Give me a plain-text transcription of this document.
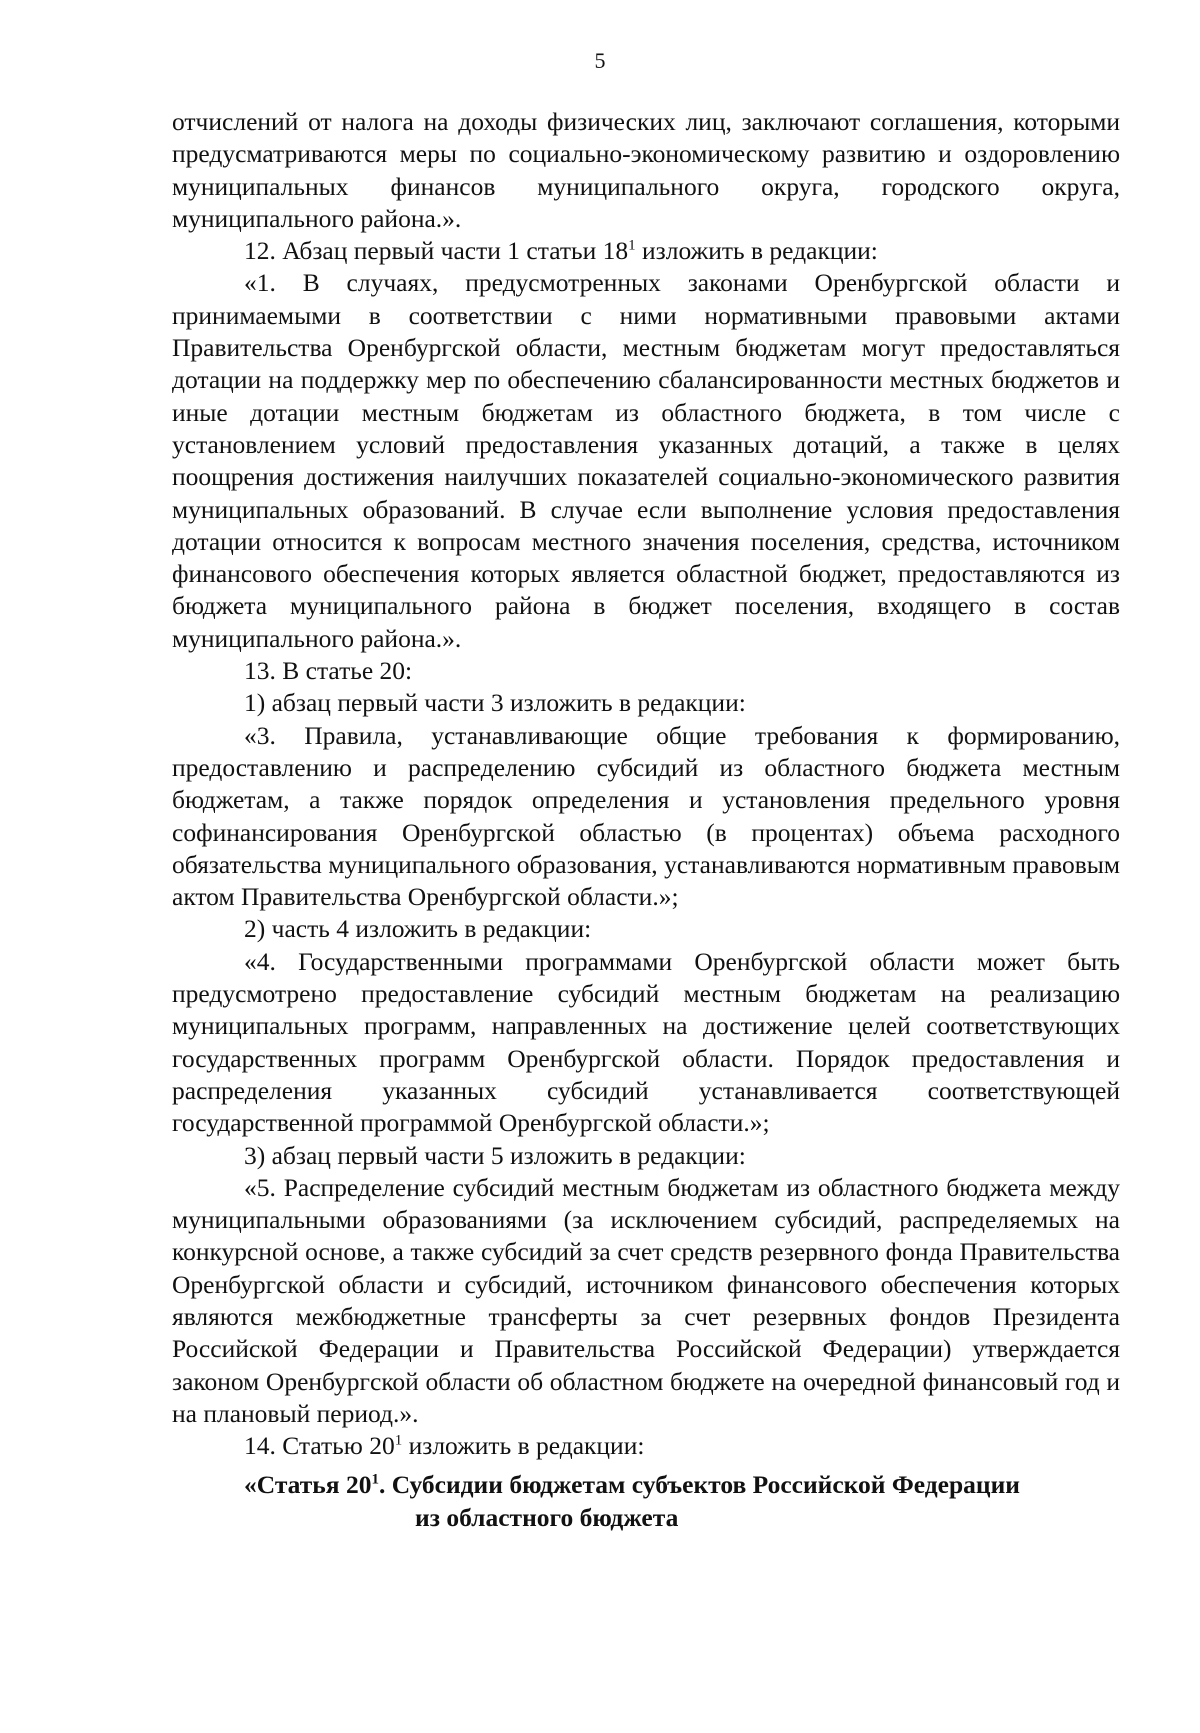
5

отчислений от налога на доходы физических лиц, заключают соглашения, которыми предусматриваются меры по социально-экономическому развитию и оздоровлению муниципальных финансов муниципального округа, городского округа, муниципального района.».

12. Абзац первый части 1 статьи $18^1$ изложить в редакции:

«1. В случаях, предусмотренных законами Оренбургской области и принимаемыми в соответствии с ними нормативными правовыми актами Правительства Оренбургской области, местным бюджетам могут предоставляться дотации на поддержку мер по обеспечению сбалансированности местных бюджетов и иные дотации местным бюджетам из областного бюджета, в том числе с установлением условий предоставления указанных дотаций, а также в целях поощрения достижения наилучших показателей социально-экономического развития муниципальных образований. В случае если выполнение условия предоставления дотации относится к вопросам местного значения поселения, средства, источником финансового обеспечения которых является областной бюджет, предоставляются из бюджета муниципального района в бюджет поселения, входящего в состав муниципального района.».

13. В статье 20:

1) абзац первый части 3 изложить в редакции:

«3. Правила, устанавливающие общие требования к формированию, предоставлению и распределению субсидий из областного бюджета местным бюджетам, а также порядок определения и установления предельного уровня софинансирования Оренбургской областью (в процентах) объема расходного обязательства муниципального образования, устанавливаются нормативным правовым актом Правительства Оренбургской области.»;

2) часть 4 изложить в редакции:

«4. Государственными программами Оренбургской области может быть предусмотрено предоставление субсидий местным бюджетам на реализацию муниципальных программ, направленных на достижение целей соответствующих государственных программ Оренбургской области. Порядок предоставления и распределения указанных субсидий устанавливается соответствующей государственной программой Оренбургской области.»;

3) абзац первый части 5 изложить в редакции:

«5. Распределение субсидий местным бюджетам из областного бюджета между муниципальными образованиями (за исключением субсидий, распределяемых на конкурсной основе, а также субсидий за счет средств резервного фонда Правительства Оренбургской области и субсидий, источником финансового обеспечения которых являются межбюджетные трансферты за счет резервных фондов Президента Российской Федерации и Правительства Российской Федерации) утверждается законом Оренбургской области об областном бюджете на очередной финансовый год и на плановый период.».

14. Статью $20^1$ изложить в редакции:

«Статья $20^1$. Субсидии бюджетам субъектов Российской Федерации
из областного бюджета
